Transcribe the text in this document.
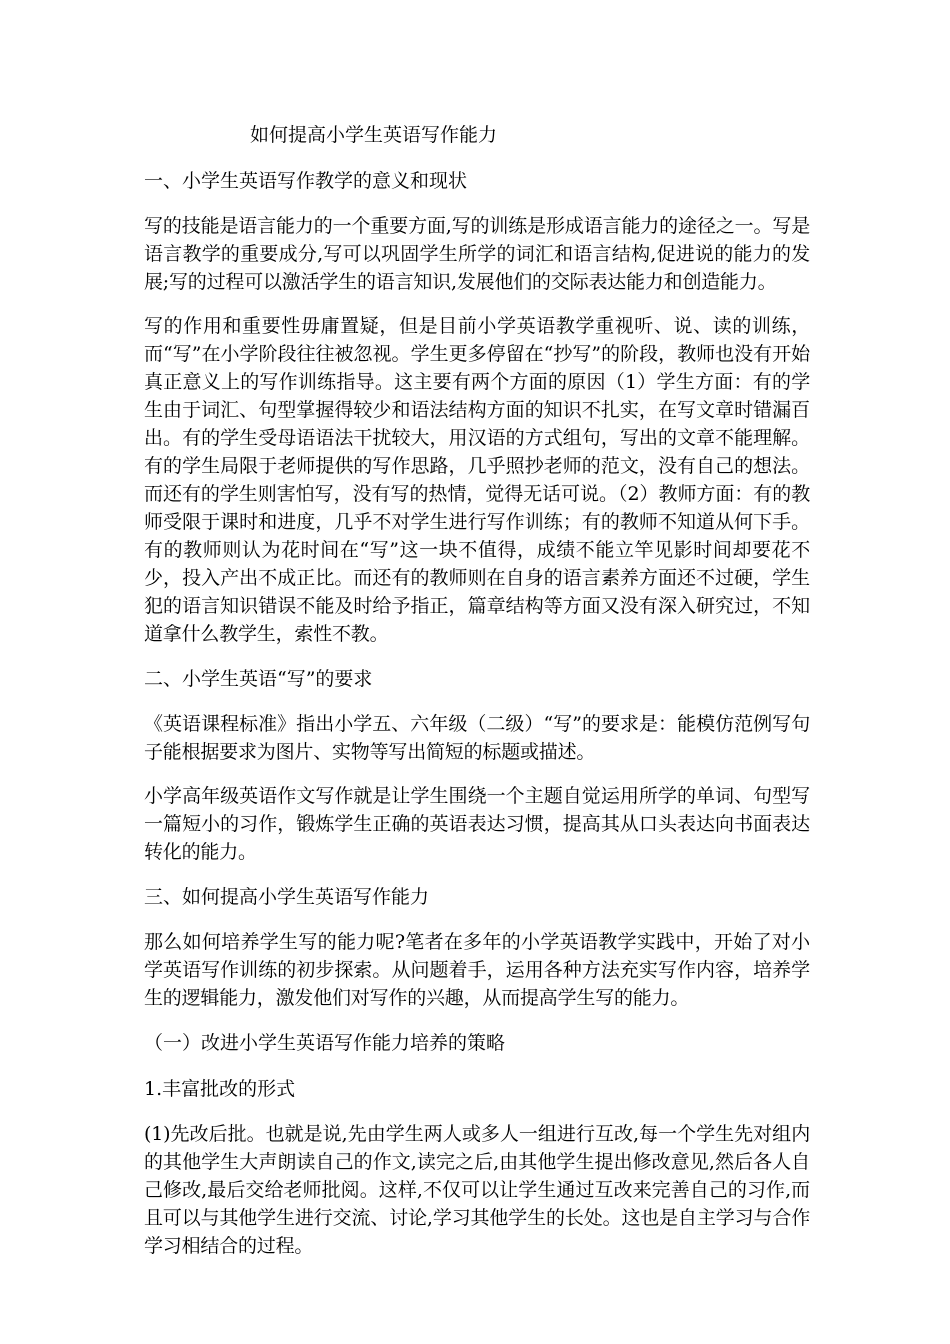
如何提高小学生英语写作能力
一、小学生英语写作教学的意义和现状

写的技能是语言能力的一个重要方面,写的训练是形成语言能力的途径之一。写是语言教学的重要成分,写可以巩固学生所学的词汇和语言结构,促进说的能力的发展;写的过程可以激活学生的语言知识,发展他们的交际表达能力和创造能力。

写的作用和重要性毋庸置疑，但是目前小学英语教学重视听、说、读的训练，而“写”在小学阶段往往被忽视。学生更多停留在“抄写”的阶段，教师也没有开始真正意义上的写作训练指导。这主要有两个方面的原因（1）学生方面：有的学生由于词汇、句型掌握得较少和语法结构方面的知识不扎实，在写文章时错漏百出。有的学生受母语语法干扰较大，用汉语的方式组句，写出的文章不能理解。有的学生局限于老师提供的写作思路，几乎照抄老师的范文，没有自己的想法。而还有的学生则害怕写，没有写的热情，觉得无话可说。（2）教师方面：有的教师受限于课时和进度，几乎不对学生进行写作训练；有的教师不知道从何下手。有的教师则认为花时间在“写”这一块不值得，成绩不能立竿见影时间却要花不少，投入产出不成正比。而还有的教师则在自身的语言素养方面还不过硬，学生犯的语言知识错误不能及时给予指正，篇章结构等方面又没有深入研究过，不知道拿什么教学生，索性不教。

二、小学生英语“写”的要求

《英语课程标准》指出小学五、六年级（二级）“写”的要求是：能模仿范例写句子能根据要求为图片、实物等写出简短的标题或描述。

小学高年级英语作文写作就是让学生围绕一个主题自觉运用所学的单词、句型写一篇短小的习作，锻炼学生正确的英语表达习惯，提高其从口头表达向书面表达转化的能力。

三、如何提高小学生英语写作能力

那么如何培养学生写的能力呢?笔者在多年的小学英语教学实践中，开始了对小学英语写作训练的初步探索。从问题着手，运用各种方法充实写作内容，培养学生的逻辑能力，激发他们对写作的兴趣，从而提高学生写的能力。

（一）改进小学生英语写作能力培养的策略
1.丰富批改的形式

(1)先改后批。也就是说,先由学生两人或多人一组进行互改,每一个学生先对组内的其他学生大声朗读自己的作文,读完之后,由其他学生提出修改意见,然后各人自己修改,最后交给老师批阅。这样,不仅可以让学生通过互改来完善自己的习作,而且可以与其他学生进行交流、讨论,学习其他学生的长处。这也是自主学习与合作学习相结合的过程。
